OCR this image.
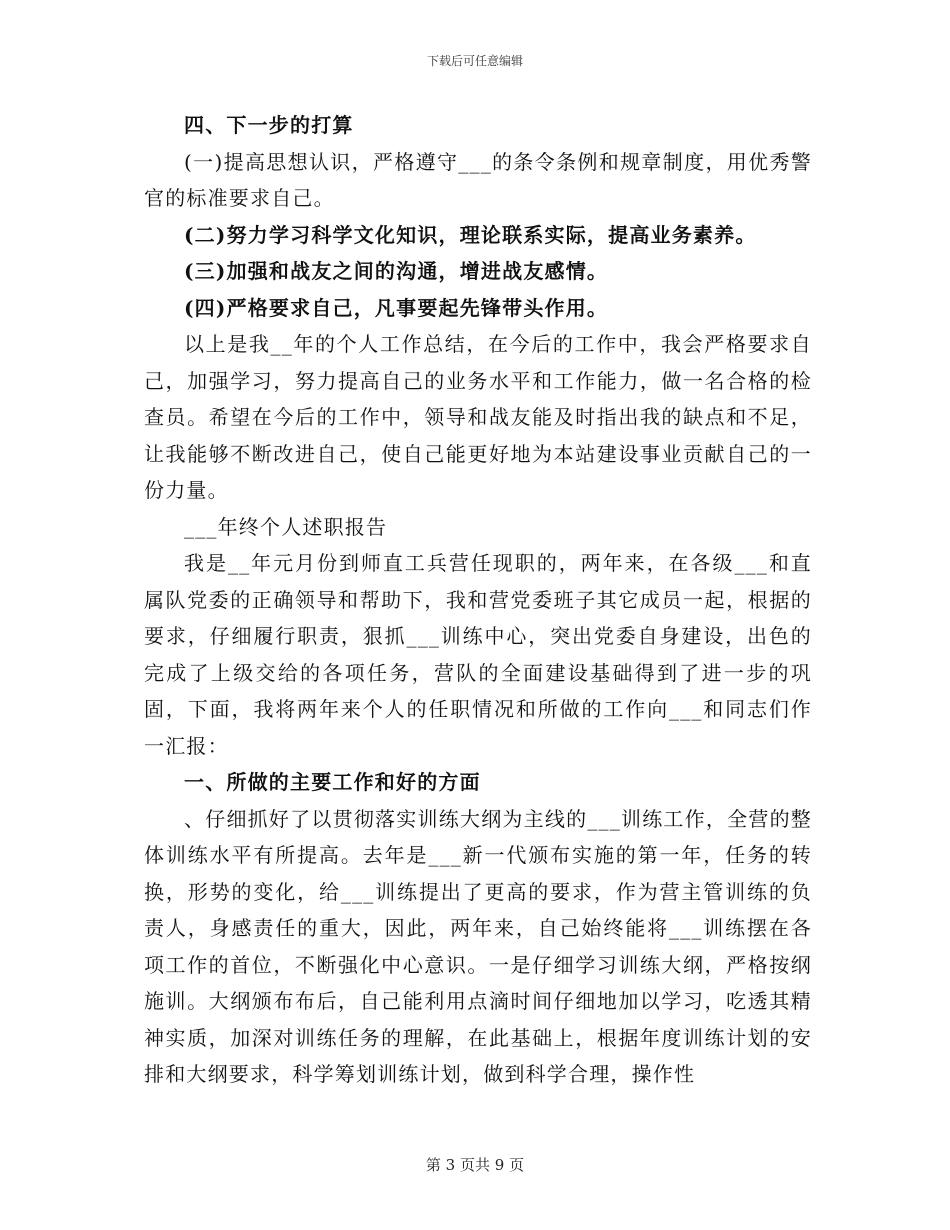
下载后可任意编辑

四、下一步的打算

(一)提高思想认识，严格遵守___的条令条例和规章制度，用优秀警官的标准要求自己。

(二)努力学习科学文化知识，理论联系实际，提高业务素养。

(三)加强和战友之间的沟通，增进战友感情。

(四)严格要求自己，凡事要起先锋带头作用。

以上是我__年的个人工作总结，在今后的工作中，我会严格要求自己，加强学习，努力提高自己的业务水平和工作能力，做一名合格的检查员。希望在今后的工作中，领导和战友能及时指出我的缺点和不足，让我能够不断改进自己，使自己能更好地为本站建设事业贡献自己的一份力量。

___年终个人述职报告

我是__年元月份到师直工兵营任现职的，两年来，在各级___和直属队党委的正确领导和帮助下，我和营党委班子其它成员一起，根据的要求，仔细履行职责，狠抓___训练中心，突出党委自身建设，出色的完成了上级交给的各项任务，营队的全面建设基础得到了进一步的巩固，下面，我将两年来个人的任职情况和所做的工作向___和同志们作一汇报：

一、所做的主要工作和好的方面

、仔细抓好了以贯彻落实训练大纲为主线的___训练工作，全营的整体训练水平有所提高。去年是___新一代颁布实施的第一年，任务的转换，形势的变化，给___训练提出了更高的要求，作为营主管训练的负责人，身感责任的重大，因此，两年来，自己始终能将___训练摆在各项工作的首位，不断强化中心意识。一是仔细学习训练大纲，严格按纲施训。大纲颁布布后，自己能利用点滴时间仔细地加以学习，吃透其精神实质，加深对训练任务的理解，在此基础上，根据年度训练计划的安排和大纲要求，科学筹划训练计划，做到科学合理，操作性

第 3 页共 9 页
